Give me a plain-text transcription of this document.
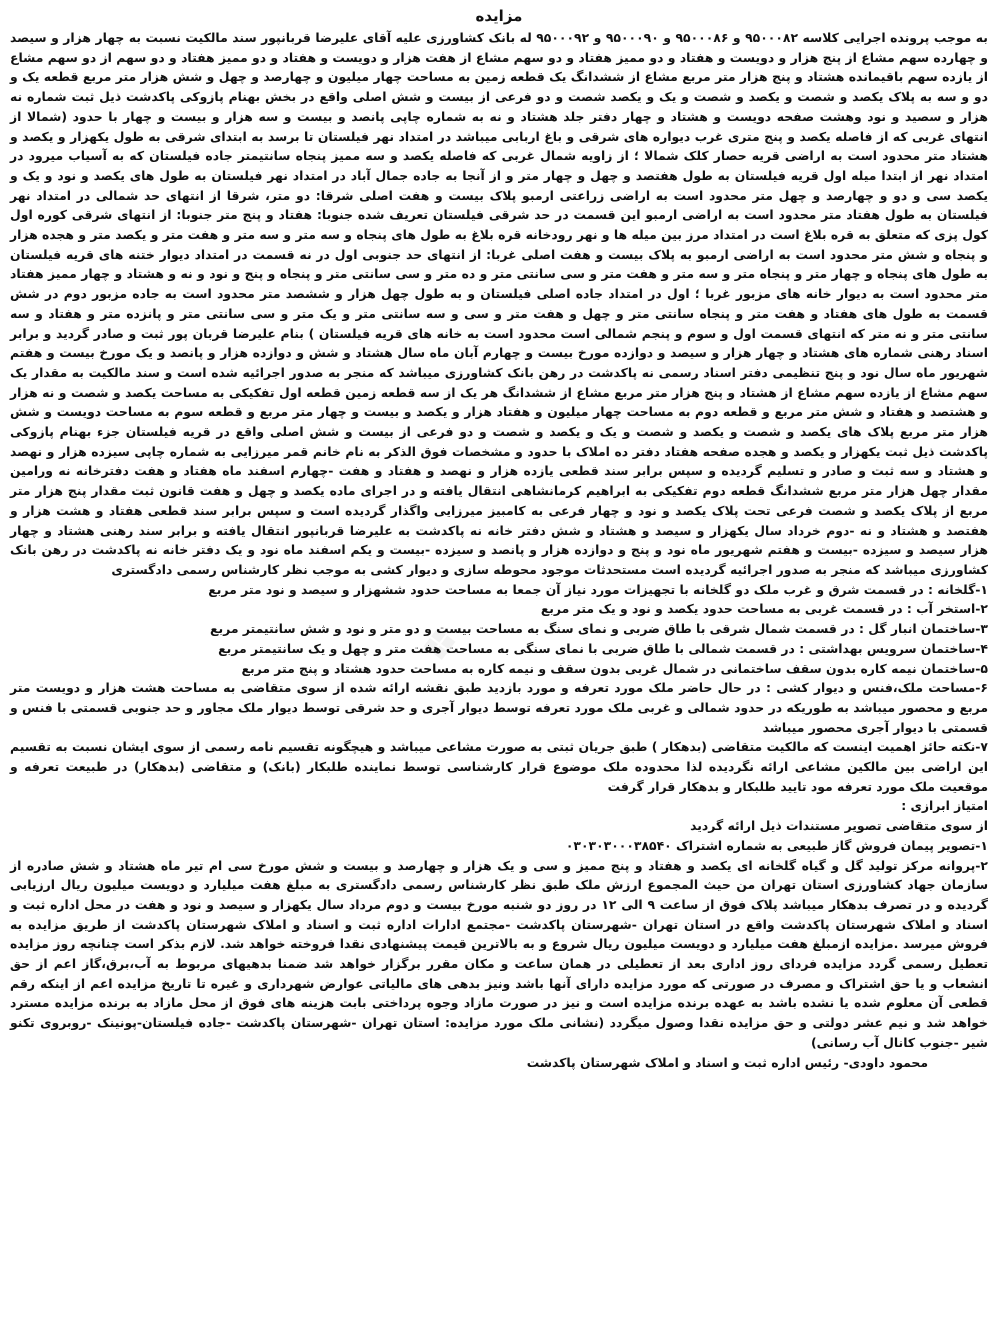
❖
مزایده

به موجب پرونده اجرایی کلاسه ۹۵۰۰۰۸۲ و ۹۵۰۰۰۸۶ و ۹۵۰۰۰۹۰ و ۹۵۰۰۰۹۲ له بانک کشاورزی علیه آقای علیرضا قربانپور سند مالکیت نسبت به چهار هزار و سیصد و چهارده سهم مشاع از پنج هزار و دویست و هفتاد و دو ممیز هفتاد و دو سهم مشاع از هفت هزار و دویست و هفتاد و دو ممیز هفتاد و دو سهم از دو سهم مشاع از یازده سهم باقیمانده هشتاد و پنج هزار متر مربع مشاع از ششدانگ یک قطعه زمین به مساحت چهار میلیون و چهارصد و چهل و شش هزار متر مربع قطعه یک و دو و سه به پلاک یکصد و شصت و یکصد و شصت و یک و یکصد شصت و دو فرعی از بیست و شش اصلی واقع در بخش بهنام پازوکی پاکدشت ذیل ثبت شماره نه هزار و سصید و نود وهشت صفحه دویست و هشتاد و چهار دفتر جلد هشتاد و نه به شماره چاپی پانصد و بیست و سه هزار و بیست و چهار با حدود (شمالا از انتهای غربی که از فاصله یکصد و پنج متری غرب دیواره های شرقی و باغ اربابی میباشد در امتداد نهر فیلستان تا برسد به ابتدای شرقی به طول یکهزار و یکصد و هشتاد متر محدود است به اراضی قریه حصار کلک شمالا ؛ از زاویه شمال غربی که فاصله یکصد و سه ممیز پنجاه سانتیمتر جاده فیلستان که به آسیاب میرود در امتداد نهر از ابتدا میله اول قریه فیلستان به طول هفتصد و چهل و چهار متر و از آنجا به جاده جمال آباد در امتداد نهر فیلستان به طول های یکصد و نود و یک و یکصد سی و دو و چهارصد و چهل متر محدود است به اراضی زراعتی ارمبو پلاک بیست و هفت اصلی شرقا: دو متر، شرقا از انتهای حد شمالی در امتداد نهر فیلستان به طول هفتاد متر محدود است به اراضی ارمبو این قسمت در حد شرقی فیلستان تعریف شده جنوبا: هفتاد و پنج متر جنوبا: از انتهای شرقی کوره اول کول پزی که متعلق به قره بلاغ است در امتداد مرز بین میله ها و نهر رودخانه قره بلاغ به طول های پنجاه و سه متر و سه متر و هفت متر و یکصد متر و هجده هزار و پنجاه و شش متر محدود است به اراضی ارمبو به پلاک بیست و هفت اصلی غربا: از انتهای حد جنوبی اول در نه قسمت در امتداد دیوار ختنه های قریه فیلستان به طول های پنجاه و چهار متر و پنجاه متر و سه متر و هفت متر و سی سانتی متر و ده متر و سی سانتی متر و پنجاه و پنج و نود و نه و هشتاد و چهار ممیز هفتاد متر محدود است به دیوار خانه های مزبور غربا ؛ اول در امتداد جاده اصلی فیلستان و به طول چهل هزار و ششصد متر محدود است به جاده مزبور دوم در شش قسمت به طول های هفتاد و هفت متر و پنجاه سانتی متر و چهل و هفت متر و سی و سه سانتی متر و یک متر و سی سانتی متر و پانزده متر و هفتاد و سه سانتی متر و نه متر که انتهای قسمت اول و سوم و پنجم شمالی است محدود است به خانه های قریه فیلستان ) بنام علیرضا قربان پور ثبت و صادر گردید و برابر اسناد رهنی شماره های هشتاد و چهار هزار و سیصد و دوازده مورخ بیست و چهارم آبان ماه سال هشتاد و شش و دوازده هزار و پانصد و یک مورخ بیست و هفتم شهریور ماه سال نود و پنج تنظیمی دفتر اسناد رسمی نه پاکدشت در رهن بانک کشاورزی میباشد که منجر به صدور اجرائیه شده است و سند مالکیت به مقدار یک سهم مشاع از یازده سهم مشاع از هشتاد و پنج هزار متر مربع مشاع از ششدانگ هر یک از سه قطعه زمین قطعه اول تفکیکی به مساحت یکصد و شصت و نه هزار و هشتصد و هفتاد و شش متر مربع و قطعه دوم به مساحت چهار میلیون و هفتاد هزار و یکصد و بیست و چهار متر مربع و قطعه سوم به مساحت دویست و شش هزار متر مربع پلاک های یکصد و شصت و یکصد و شصت و یک و یکصد و شصت و دو فرعی از بیست و شش اصلی واقع در قریه فیلستان جزء بهنام پازوکی پاکدشت ذیل ثبت یکهزار و یکصد و هجده صفحه هفتاد دفتر ده املاک با حدود و مشخصات فوق الذکر به نام خانم قمر میرزایی به شماره چاپی سیزده هزار و نهصد و هشتاد و سه ثبت و صادر و تسلیم گردیده و سپس برابر سند قطعی یازده هزار و نهصد و هفتاد و هفت -چهارم اسفند ماه هفتاد و هفت دفترخانه نه ورامین مقدار چهل هزار متر مربع ششدانگ قطعه دوم تفکیکی به ابراهیم کرمانشاهی انتقال یافته و در اجرای ماده یکصد و چهل و هفت قانون ثبت مقدار پنج هزار متر مربع از پلاک یکصد و شصت فرعی تحت پلاک یکصد و نود و چهار فرعی به کامبیز میرزایی واگذار گردیده است و سپس برابر سند قطعی هفتاد و هشت هزار و هفتصد و هشتاد و نه -دوم خرداد سال یکهزار و سیصد و هشتاد و شش دفتر خانه نه پاکدشت به علیرضا قربانپور انتقال یافته و برابر سند رهنی هشتاد و چهار هزار سیصد و سیزده -بیست و هفتم شهریور ماه نود و پنج و دوازده هزار و پانصد و سیزده -بیست و یکم اسفند ماه نود و یک دفتر خانه نه پاکدشت در رهن بانک کشاورزی میباشد که منجر به صدور اجرائیه گردیده است مستحدثات موجود محوطه سازی و دیوار کشی به موجب نظر کارشناس رسمی دادگستری

۱-گلخانه : در قسمت شرق و غرب ملک دو گلخانه با تجهیزات مورد نیاز آن جمعا به مساحت حدود ششهزار و سیصد و نود متر مربع

۲-استخر آب : در قسمت غربی به مساحت حدود یکصد و نود و یک متر مربع

۳-ساختمان انبار گل : در قسمت شمال شرقی با طاق ضربی و نمای سنگ به مساحت بیست و دو متر و نود و شش سانتیمتر مربع

۴-ساختمان سرویس بهداشتی : در قسمت شمالی با طاق ضربی با نمای سنگی به مساحت هفت متر و چهل و یک سانتیمتر مربع

۵-ساختمان نیمه کاره بدون سقف ساختمانی در شمال غربی بدون سقف و نیمه کاره به مساحت حدود هشتاد و پنج متر مربع

۶-مساحت ملک،فنس و دیوار کشی : در حال حاضر ملک مورد تعرفه و مورد بازدید طبق نقشه ارائه شده از سوی متقاضی به مساحت هشت هزار و دویست متر مربع و محصور میباشد به طوریکه در حدود شمالی و غربی ملک مورد تعرفه توسط دیوار آجری و حد شرقی توسط دیوار ملک مجاور و حد جنوبی قسمتی با فنس و قسمتی با دیوار آجری محصور میباشد

۷-نکته حائز اهمیت اینست که مالکیت متقاضی (بدهکار ) طبق جریان ثبتی به صورت مشاعی میباشد و هیچگونه تقسیم نامه رسمی از سوی ایشان نسبت به تقسیم این اراضی بین مالکین مشاعی ارائه نگردیده لذا محدوده ملک موضوع قرار کارشناسی توسط نماینده طلبکار (بانک) و متقاضی (بدهکار) در طبیعت تعرفه و موقعیت ملک مورد تعرفه مود تایید طلبکار و بدهکار قرار گرفت

امتیاز ابرازی :

از سوی متقاضی تصویر مستندات ذیل ارائه گردید

۱-تصویر پیمان فروش گاز طبیعی به شماره اشتراک ۰۳۰۳۰۳۰۰۰۳۸۵۴۰

۲-پروانه مرکز تولید گل و گیاه گلخانه ای یکصد و هفتاد و پنج ممیز و سی و یک هزار و چهارصد و بیست و شش مورخ سی ام تیر ماه هشتاد و شش صادره از سازمان جهاد کشاورزی استان تهران من حیث المجموع ارزش ملک طبق نظر کارشناس رسمی دادگستری به مبلغ هفت میلیارد و دویست میلیون ریال ارزیابی گردیده و در تصرف بدهکار میباشد پلاک فوق از ساعت ۹ الی ۱۲ در روز دو شنبه مورخ بیست و دوم مرداد سال یکهزار و سیصد و نود و هفت در محل اداره ثبت و اسناد و املاک شهرستان پاکدشت واقع در استان تهران -شهرستان پاکدشت -مجتمع ادارات اداره ثبت و اسناد و املاک شهرستان پاکدشت از طریق مزایده به فروش میرسد .مزایده ازمبلغ هفت میلیارد و دویست میلیون ریال شروع و به بالاترین قیمت پیشنهادی نقدا فروخته خواهد شد. لازم بذکر است چنانچه روز مزایده تعطیل رسمی گردد مزایده فردای روز اداری بعد از تعطیلی در همان ساعت و مکان مقرر برگزار خواهد شد ضمنا بدهیهای مربوط به آب،برق،گاز اعم از حق انشعاب و یا حق اشتراک و مصرف در صورتی که مورد مزایده دارای آنها باشد ونیز بدهی های مالیاتی عوارض شهرداری و غیره تا تاریخ مزایده اعم از اینکه رقم قطعی آن معلوم شده یا نشده باشد به عهده برنده مزایده است و نیز در صورت مازاد وجوه پرداختی بابت هزینه های فوق از محل مازاد به برنده مزایده مسترد خواهد شد و نیم عشر دولتی و حق مزایده نقدا وصول میگردد (نشانی ملک مورد مزایده: استان تهران -شهرستان پاکدشت -جاده فیلستان-پونینک -روبروی تکنو شیر -جنوب کانال آب رسانی)

محمود داودی- رئیس اداره ثبت و اسناد و املاک شهرستان پاکدشت
